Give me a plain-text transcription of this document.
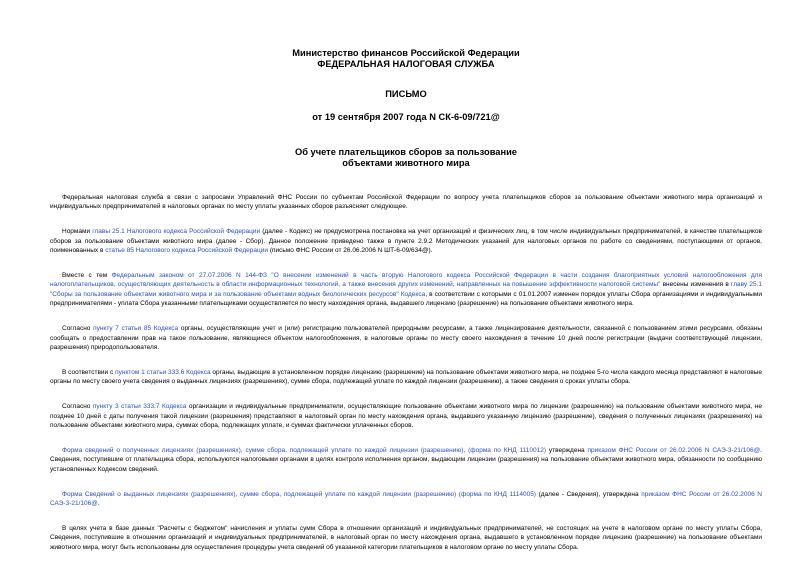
Министерство финансов Российской Федерации
ФЕДЕРАЛЬНАЯ НАЛОГОВАЯ СЛУЖБА
ПИСЬМО
от 19 сентября 2007 года N СК-6-09/721@
Об учете плательщиков сборов за пользование
объектами животного мира

Федеральная налоговая служба в связи с запросами Управлений ФНС России по субъектам Российской Федерации по вопросу учета плательщиков сборов за пользование объектами животного мира организаций и индивидуальных предпринимателей в налоговых органах по месту уплаты указанных сборов разъясняет следующее.

Нормами главы 25.1 Налогового кодекса Российской Федерации (далее - Кодекс) не предусмотрена постановка на учет организаций и физических лиц, в том числе индивидуальных предпринимателей, в качестве плательщиков сборов за пользование объектами животного мира (далее - Сбор). Данное положение приведено также в пункте 2.9.2 Методических указаний для налоговых органов по работе со сведениями, поступающими от органов, поименованных в статье 85 Налогового кодекса Российской Федерации (письмо ФНС России от 26.06.2006 N ШТ-6-09/634@).

Вместе с тем Федеральным законом от 27.07.2006 N 144-ФЗ "О внесении изменений в часть вторую Налогового кодекса Российской Федерации в части создания благоприятных условий налогообложения для налогоплательщиков, осуществляющих деятельность в области информационных технологий, а также внесения других изменений, направленных на повышение эффективности налоговой системы" внесены изменения в главу 25.1 "Сборы за пользование объектами животного мира и за пользование объектами водных биологических ресурсов" Кодекса, в соответствии с которыми с 01.01.2007 изменен порядок уплаты Сбора организациями и индивидуальными предпринимателями - уплата Сбора указанными плательщиками осуществляется по месту нахождения органа, выдавшего лицензию (разрешение) на пользование объектами животного мира.

Согласно пункту 7 статьи 85 Кодекса органы, осуществляющие учет и (или) регистрацию пользователей природными ресурсами, а также лицензирование деятельности, связанной с пользованием этими ресурсами, обязаны сообщать о предоставлении прав на такое пользование, являющиеся объектом налогообложения, в налоговые органы по месту своего нахождения в течение 10 дней после регистрации (выдачи соответствующей лицензии, разрешения) природопользователя.

В соответствии с пунктом 1 статьи 333.6 Кодекса органы, выдающие в установленном порядке лицензию (разрешение) на пользование объектами животного мира, не позднее 5-го числа каждого месяца представляют в налоговые органы по месту своего учета сведения о выданных лицензиях (разрешениях), сумме сбора, подлежащей уплате по каждой лицензии (разрешению), а также сведения о сроках уплаты сбора.

Согласно пункту 3 статьи 333.7 Кодекса организации и индивидуальные предприниматели, осуществляющие пользование объектами животного мира по лицензии (разрешению) на пользование объектами животного мира, не позднее 10 дней с даты получения такой лицензии (разрешения) представляют в налоговый орган по месту нахождения органа, выдавшего указанную лицензию (разрешение), сведения о полученных лицензиях (разрешениях) на пользование объектами животного мира, суммах сбора, подлежащих уплате, и суммах фактически уплаченных сборов.

Форма сведений о полученных лицензиях (разрешениях), сумме сбора, подлежащей уплате по каждой лицензии (разрешению), (форма по КНД 1110012) утверждена приказом ФНС России от 26.02.2006 N САЭ-3-21/106@. Сведения, поступившие от плательщика сбора, используются налоговыми органами в целях контроля исполнения органом, выдающим лицензии (разрешения) на пользование объектами животного мира, обязанности по сообщению установленных Кодексом сведений.

Форма Сведений о выданных лицензиях (разрешениях), сумме сбора, подлежащей уплате по каждой лицензии (разрешению) (форма по КНД 1114005) (далее - Сведения), утверждена приказом ФНС России от 26.02.2006 N САЭ-3-21/106@.

В целях учета в базе данных "Расчеты с бюджетом" начисления и уплаты сумм Сбора в отношении организаций и индивидуальных предпринимателей, не состоящих на учете в налоговом органе по месту уплаты Сбора, Сведения, поступившие в отношении организаций и индивидуальных предпринимателей, в налоговый орган по месту нахождения органа, выдавшего в установленном порядке лицензию (разрешение) на пользование объектами животного мира, могут быть использованы для осуществления процедуры учета сведений об указанной категории плательщиков в налоговом органе по месту уплаты Сбора.
